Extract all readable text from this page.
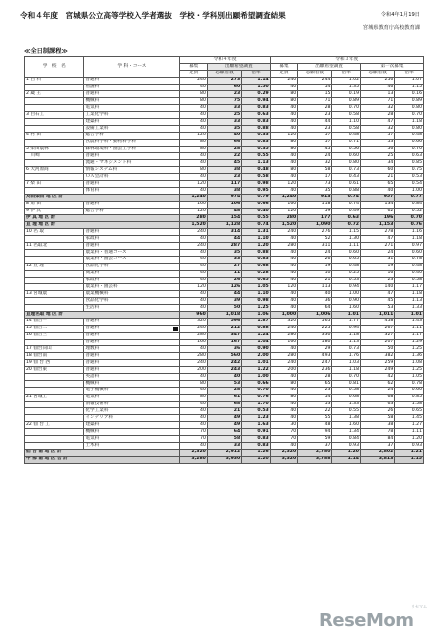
令和４年度　宮城県公立高等学校入学者選抜　学校・学科別出願希望調査結果	令和4年1月19日
宮城県教育庁高校教育課
≪全日制課程≫
学　校　名	学 科・コース	令和４年度			令和３年度				
		募集	出願希望調査		募集	出願希望調査		第一次募集	
		定員	志願者数	倍率	定員	志願者数	倍率	志願者数	倍率
1 白 石	普通科	240	273	1.14	240	244	1.02	256	1.07
	看護科	40	60	1.50	40	54	1.35	46	1.15
2 蔵 王	普通科	80	23	0.29	80	15	0.19	13	0.16
	機械科	80	75	0.94	80	71	0.89	71	0.89
	電気科	40	33	0.83	40	28	0.70	32	0.80
3 白石工	工業化学科	40	25	0.63	40	23	0.58	28	0.70
	建築科	40	33	0.83	40	44	1.10	47	1.18
	設備工業科	40	35	0.88	40	23	0.58	32	0.80
4 村 田	総合学科	120	40	0.33	120	57	0.48	57	0.48
	食農科学科・動物科学科	80	66	0.83	80	57	0.71	53	0.66
5 柴田農林	森林環境科・園芸工学科	80	28	0.35	80	45	0.56	56	0.70
　川崎	普通科	40	22	0.55	40	24	0.60	25	0.63
	流通・マネジメント科	40	45	1.13	40	32	0.80	34	0.85
6 大河原商	情報システム科	80	38	0.48	80	58	0.73	60	0.75
	ＯＡ会計科	40	23	0.58	40	17	0.43	21	0.53
7 柴 田	普通科	120	117	0.98	120	73	0.61	65	0.54
	体育科	40	38	0.95	40	35	0.88	40	1.00
刈田柴田 地 区 計		1,240	974	0.79	1,240	913	0.74	957	0.77
8 角 田	普通科	160	106	0.66	160	118	0.74	134	0.84
9 伊 具	総合学科	120	48	0.40	120	59	0.49	62	0.52
伊 具 地 区 計		280	154	0.55	280	177	0.63	196	0.70
亘 理 地 区 計		1,520	1,128	0.74	1,520	1,090	0.72	1,153	0.76
10 名 取	普通科	240	314	1.31	240	276	1.15	278	1.16
	家政科	40	44	1.10	40	52	1.30	47	1.18
11 名取北	普通科	240	287	1.20	280	311	1.11	271	0.97
	農業科・普通コース	40	35	0.88	40	24	0.60	24	0.60
	農業科・園芸コース	40	33	0.83	40	26	0.65	31	0.78
12 亘 理	食品化学科	40	27	0.68	40	19	0.48	19	0.48
	商業科	40	11	0.28	40	10	0.25	16	0.40
	家政科	40	26	0.65	40	21	0.53	23	0.58
	農業科・園芸科	120	126	1.05	120	113	0.94	140	1.17
13 宮城農	農業機械科	40	44	1.10	40	40	1.00	47	1.18
	食品化学科	40	39	0.98	40	36	0.90	45	1.13
	生活科	40	50	1.25	40	64	1.60	53	1.33
亘理名取 地 区 計		960	1,018	1.06	1,000	1,006	1.01	1,011	1.01
14 仙台一	普通科	320	596	1.87	320	565	1.77	458	1.43
15 仙台二	普通科	240	212	0.88	240	225	0.94	267	1.11
16 仙台三	普通科	280	347	1.24	280	330	1.18	327	1.17
	普通科	160	167	1.04	160	180	1.13	207	1.29
17 仙台向山	理数科	40	36	0.90	40	29	0.73	50	1.25
18 仙台南	普通科	280	560	2.00	280	493	1.76	382	1.36
19 仙 台 西	普通科	240	242	1.01	240	247	1.03	259	1.08
20 仙台東	普通科	200	243	1.22	200	236	1.18	249	1.25
	英語科	40	40	1.00	40	28	0.70	42	1.05
	機械科	80	53	0.66	80	65	0.81	62	0.78
	電子機械科	40	28	0.70	40	23	0.58	24	0.60
21 宮城工	電気科	80	61	0.76	80	54	0.68	68	0.85
	情報技術科	40	68	1.70	40	53	1.33	63	1.58
	化学工業科	40	21	0.53	40	22	0.55	26	0.65
	インテリア科	40	49	1.23	40	55	1.38	58	1.45
22 仙 台 工	建築科	40	49	1.63	30	48	1.60	38	1.27
	機械科	70	64	0.91	70	94	1.34	78	1.11
	電気科	70	58	0.83	70	59	0.84	84	1.20
	土木科	40	33	0.83	40	37	0.93	37	0.93
仙 台 南 地 区 計		2,320	2,912	1.26	2,320	2,780	1.20	2,802	1.21
中 部 南 地 区 合 計		3,280	3,930	1.20	3,320	3,788	1.14	3,813	1.15
ReseMom
リセマム
